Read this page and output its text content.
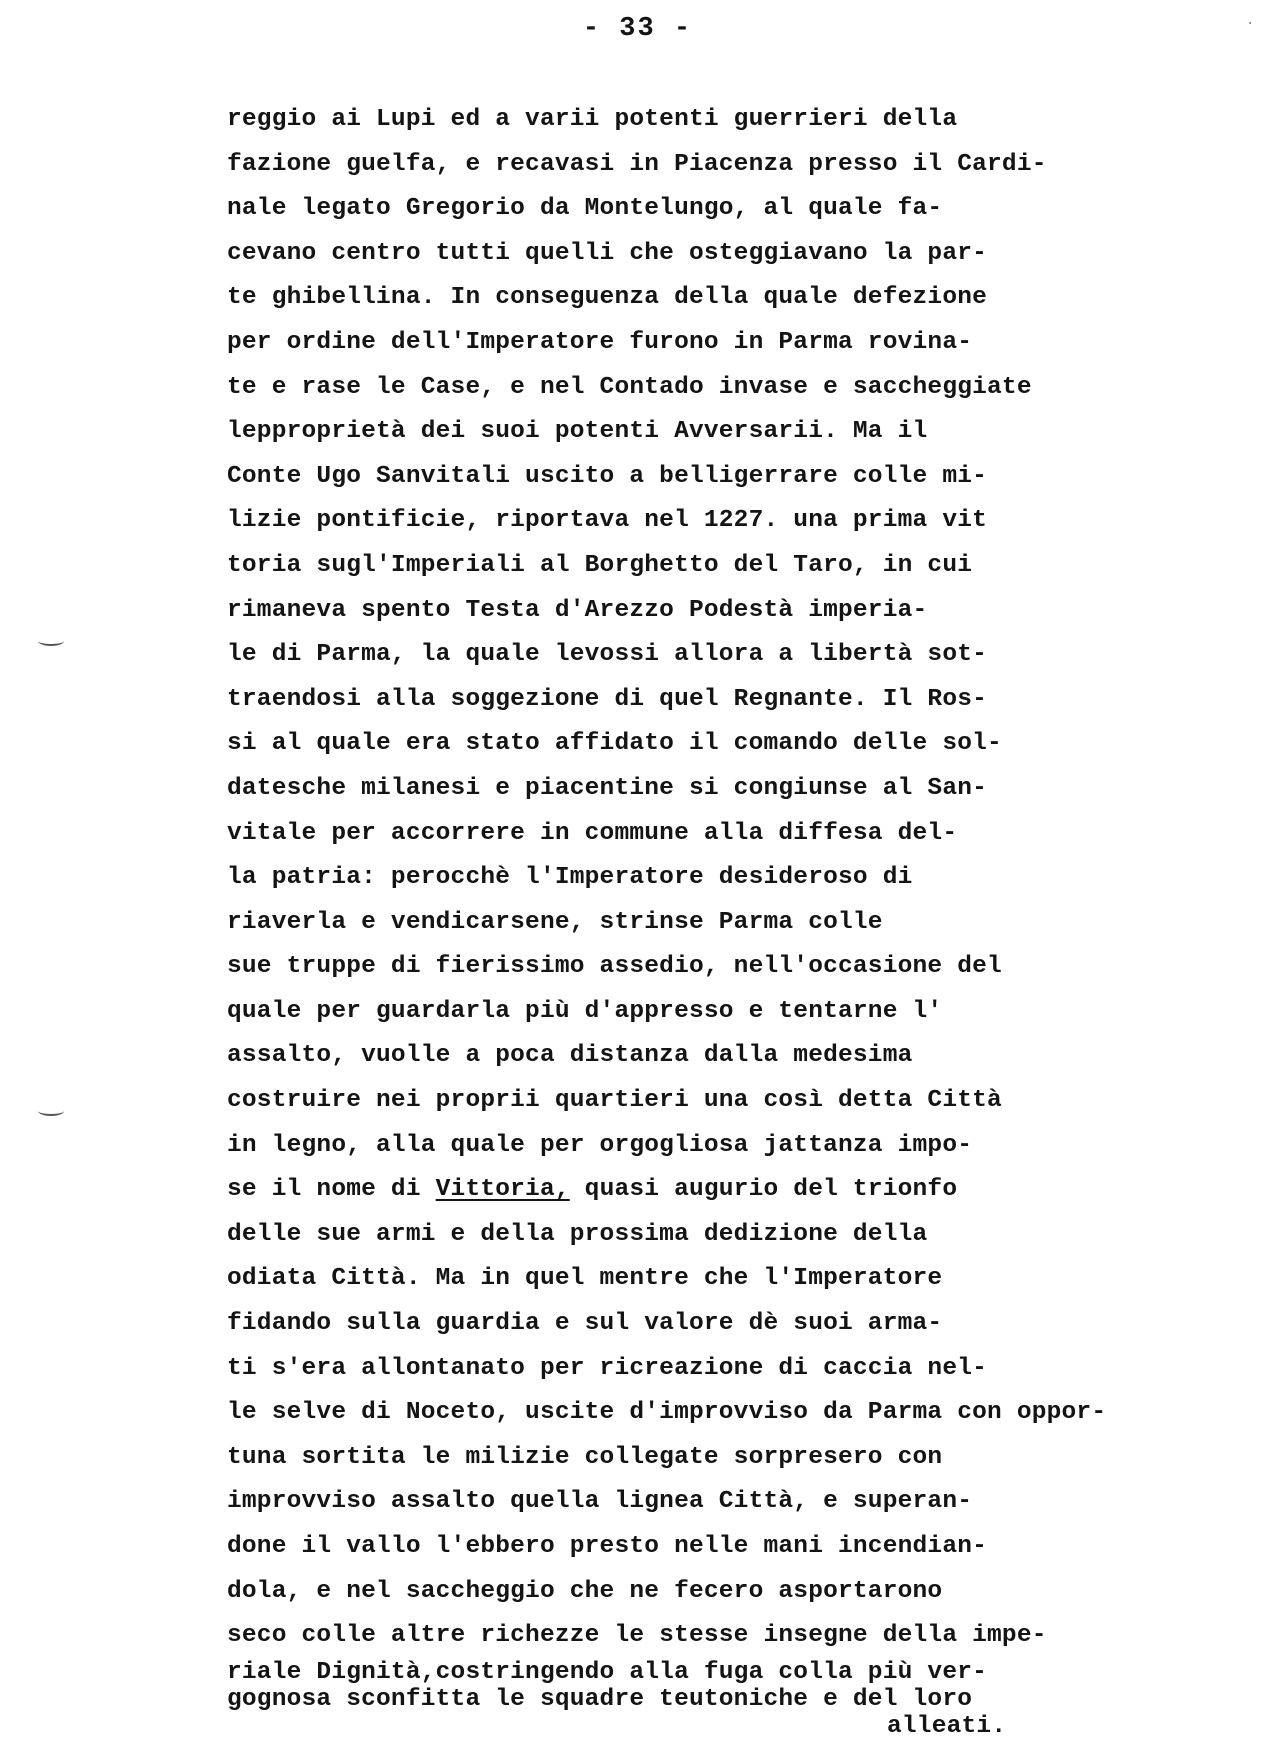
- 33 -	·
reggio ai Lupi ed a varii potenti guerrieri della
fazione guelfa, e recavasi in Piacenza presso il Cardi-
nale legato Gregorio da Montelungo, al quale fa-
cevano centro tutti quelli che osteggiavano la par-
te ghibellina. In conseguenza della quale defezione
per ordine dell'Imperatore furono in Parma rovina-
te e rase le Case, e nel Contado invase e saccheggiate
lepproprietà dei suoi potenti Avversarii. Ma il
Conte Ugo Sanvitali uscito a belligerrare colle mi-
lizie pontificie, riportava nel 1227. una prima vit
toria sugl'Imperiali al Borghetto del Taro, in cui
rimaneva spento Testa d'Arezzo Podestà imperia-
le di Parma, la quale levossi allora a libertà sot-
traendosi alla soggezione di quel Regnante. Il Ros-
si al quale era stato affidato il comando delle sol-
datesche milanesi e piacentine si congiunse al San-
vitale per accorrere in commune alla diffesa del-
la patria: perocchè l'Imperatore desideroso di
riaverla e vendicarsene, strinse Parma colle
sue truppe di fierissimo assedio, nell'occasione del
quale per guardarla più d'appresso e tentarne l'
assalto, vuolle a poca distanza dalla medesima
costruire nei proprii quartieri una così detta Città
in legno, alla quale per orgogliosa jattanza impo-
se il nome di Vittoria, quasi augurio del trionfo
delle sue armi e della prossima dedizione della
odiata Città. Ma in quel mentre che l'Imperatore
fidando sulla guardia e sul valore dè suoi arma-
ti s'era allontanato per ricreazione di caccia nel-
le selve di Noceto, uscite d'improvviso da Parma con oppor-
tuna sortita le milizie collegate sorpresero con
improvviso assalto quella lignea Città, e superan-
done il vallo l'ebbero presto nelle mani incendian-
dola, e nel saccheggio che ne fecero asportarono
seco colle altre richezze le stesse insegne della impe-
riale Dignità,costringendo alla fuga colla più ver-
gognosa sconfitta le squadre teutoniche e del loro
alleati.
